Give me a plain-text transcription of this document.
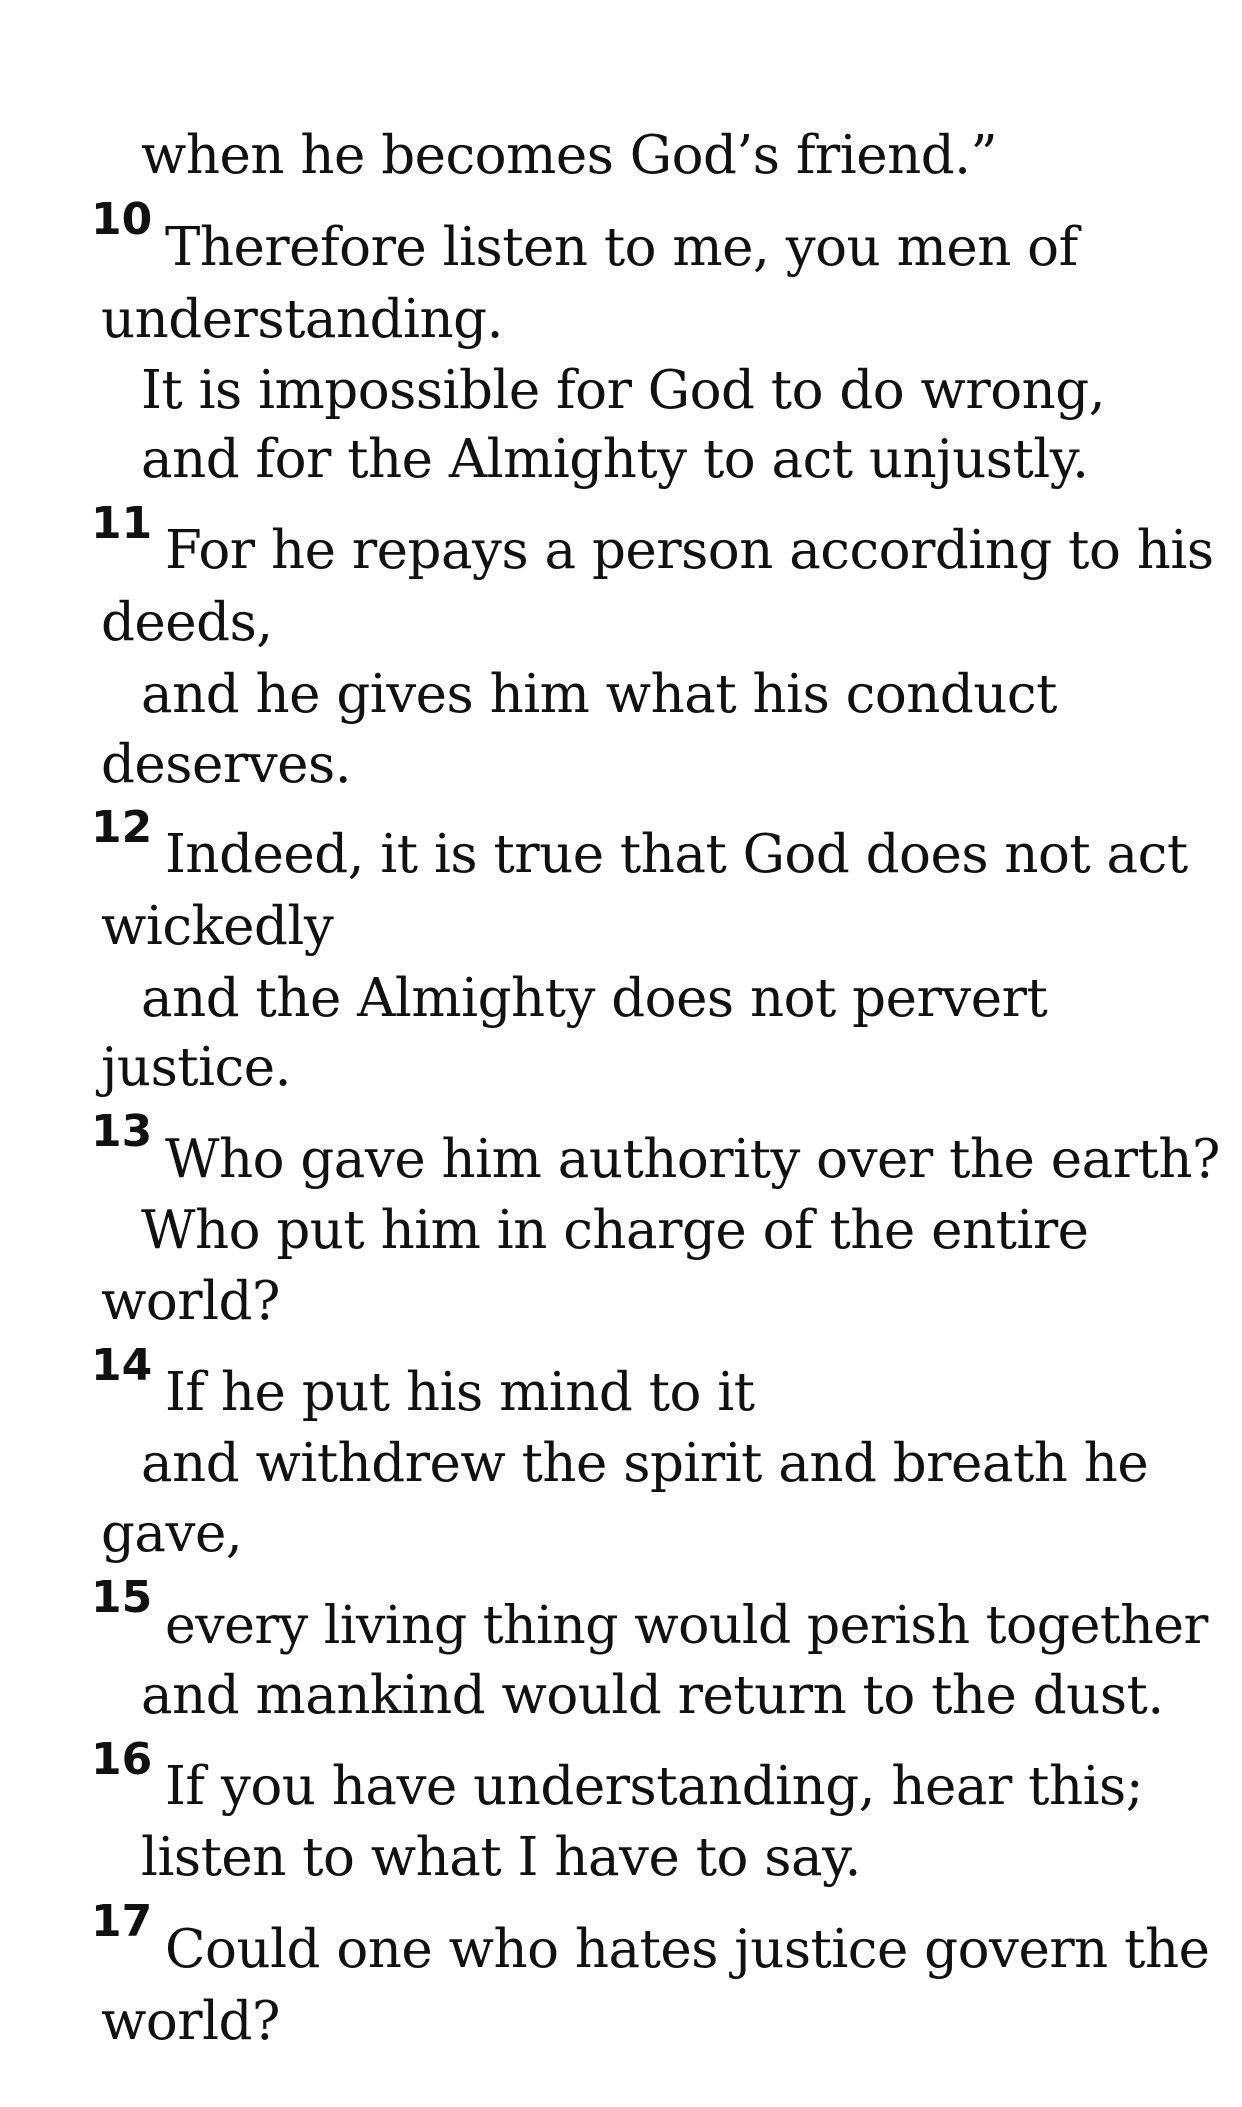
when he becomes God’s friend.”
10 Therefore listen to me, you men of
understanding.
It is impossible for God to do wrong,
and for the Almighty to act unjustly.
11 For he repays a person according to his
deeds,
and he gives him what his conduct
deserves.
12 Indeed, it is true that God does not act
wickedly
and the Almighty does not pervert
justice.
13 Who gave him authority over the earth?
Who put him in charge of the entire
world?
14 If he put his mind to it
and withdrew the spirit and breath he
gave,
15 every living thing would perish together
and mankind would return to the dust.
16 If you have understanding, hear this;
listen to what I have to say.
17 Could one who hates justice govern the
world?
